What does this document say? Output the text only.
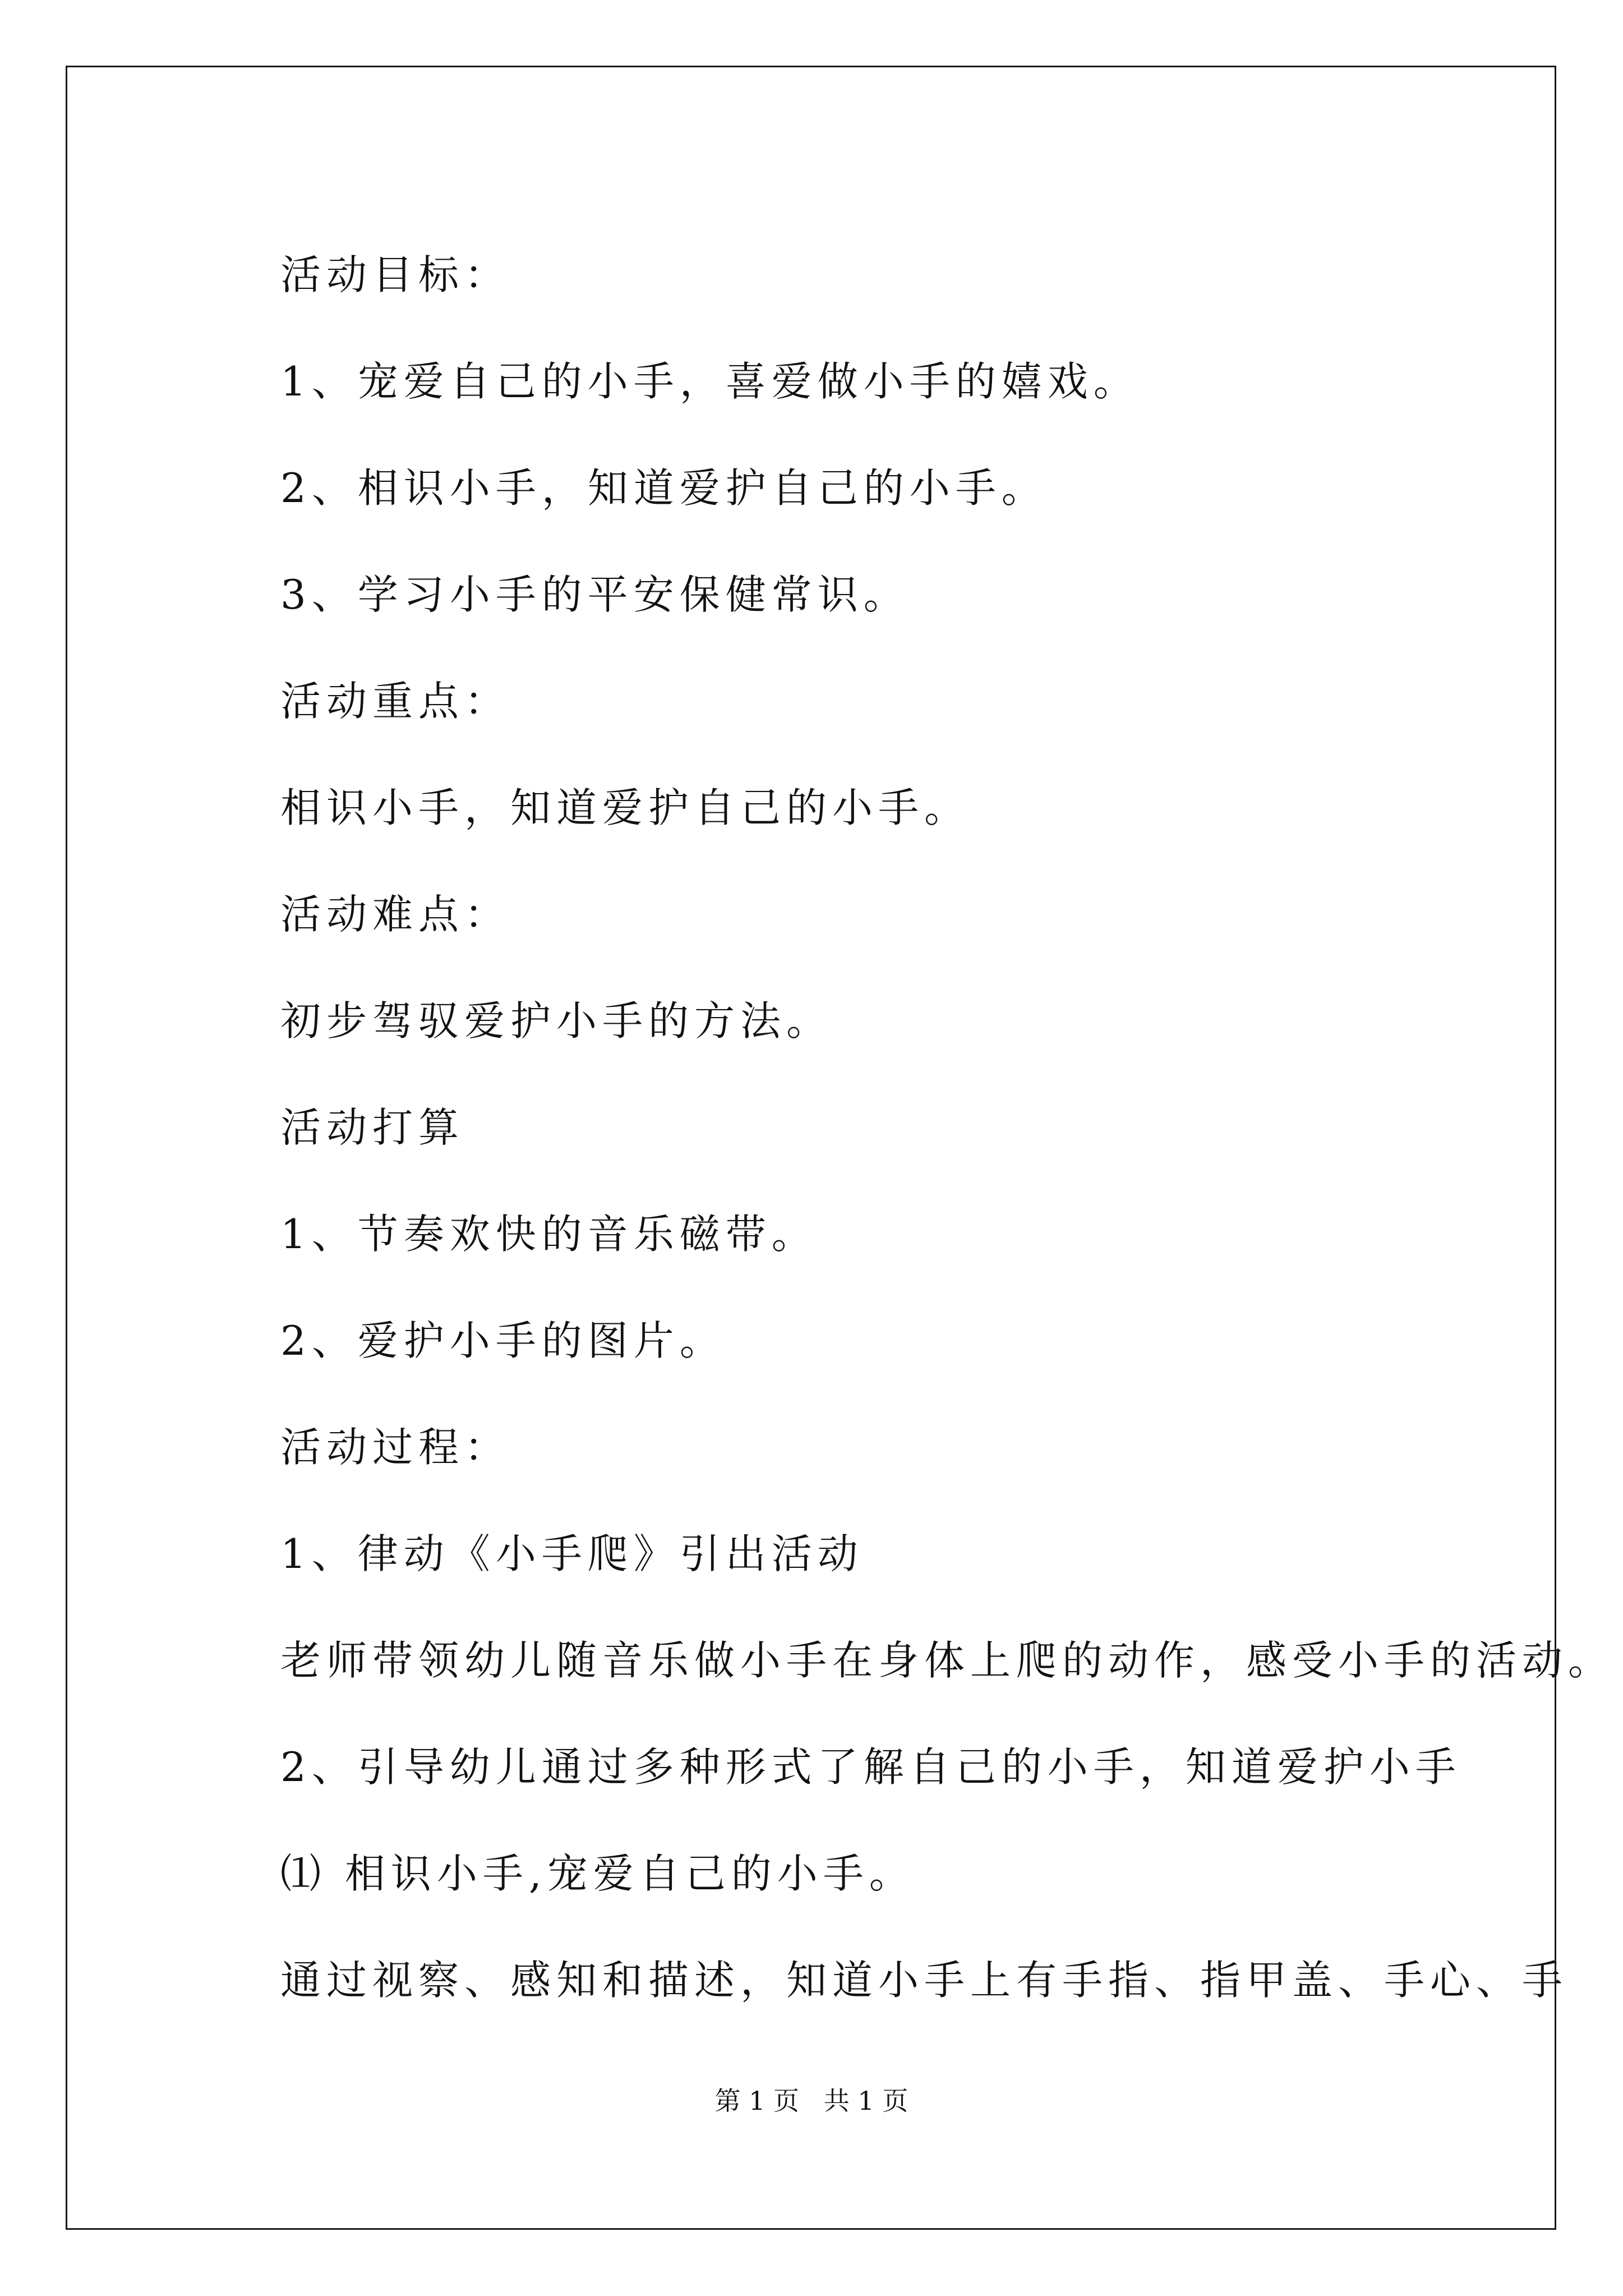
活动目标：
1、宠爱自己的小手，喜爱做小手的嬉戏。
2、相识小手，知道爱护自己的小手。
3、学习小手的平安保健常识。
活动重点：
相识小手，知道爱护自己的小手。
活动难点：
初步驾驭爱护小手的方法。
活动打算
1、节奏欢快的音乐磁带。
2、爱护小手的图片。
活动过程：
1、律动《小手爬》引出活动
老师带领幼儿随音乐做小手在身体上爬的动作，感受小手的活动。
2、引导幼儿通过多种形式了解自己的小手，知道爱护小手
⑴ 相识小手,宠爱自己的小手。
通过视察、感知和描述，知道小手上有手指、指甲盖、手心、手
第 1 页   共 1 页
